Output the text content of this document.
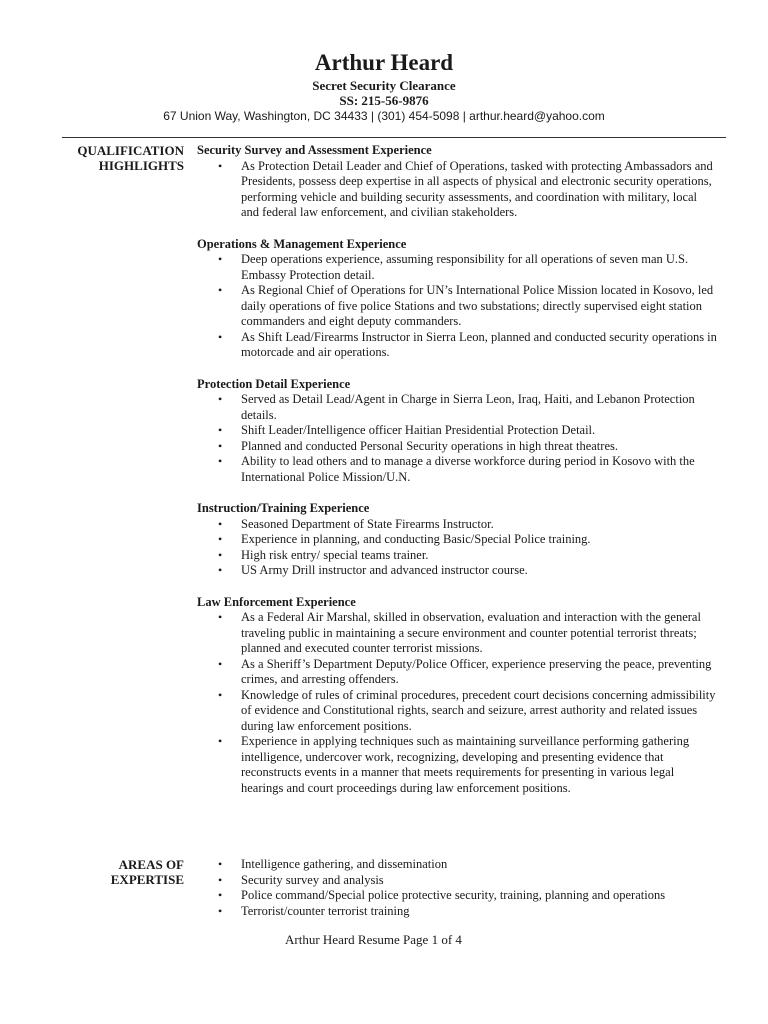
Arthur Heard
Secret Security Clearance
SS: 215-56-9876
67 Union Way, Washington, DC 34433 | (301) 454-5098 | arthur.heard@yahoo.com
QUALIFICATION
HIGHLIGHTS
Security Survey and Assessment Experience
• As Protection Detail Leader and Chief of Operations, tasked with protecting Ambassadors and Presidents, possess deep expertise in all aspects of physical and electronic security operations, performing vehicle and building security assessments, and coordination with military, local and federal law enforcement, and civilian stakeholders.
Operations & Management Experience
• Deep operations experience, assuming responsibility for all operations of seven man U.S. Embassy Protection detail.
• As Regional Chief of Operations for UN’s International Police Mission located in Kosovo, led daily operations of five police Stations and two substations; directly supervised eight station commanders and eight deputy commanders.
• As Shift Lead/Firearms Instructor in Sierra Leon, planned and conducted security operations in motorcade and air operations.
Protection Detail Experience
• Served as Detail Lead/Agent in Charge in Sierra Leon, Iraq, Haiti, and Lebanon Protection details.
• Shift Leader/Intelligence officer Haitian Presidential Protection Detail.
• Planned and conducted Personal Security operations in high threat theatres.
• Ability to lead others and to manage a diverse workforce during period in Kosovo with the International Police Mission/U.N.
Instruction/Training Experience
• Seasoned Department of State Firearms Instructor.
• Experience in planning, and conducting Basic/Special Police training.
• High risk entry/ special teams trainer.
• US Army Drill instructor and advanced instructor course.
Law Enforcement Experience
• As a Federal Air Marshal, skilled in observation, evaluation and interaction with the general traveling public in maintaining a secure environment and counter potential terrorist threats; planned and executed counter terrorist missions.
• As a Sheriff’s Department Deputy/Police Officer, experience preserving the peace, preventing crimes, and arresting offenders.
• Knowledge of rules of criminal procedures, precedent court decisions concerning admissibility of evidence and Constitutional rights, search and seizure, arrest authority and related issues during law enforcement positions.
• Experience in applying techniques such as maintaining surveillance performing gathering intelligence, undercover work, recognizing, developing and presenting evidence that reconstructs events in a manner that meets requirements for presenting in various legal hearings and court proceedings during law enforcement positions.
AREAS OF
EXPERTISE
• Intelligence gathering, and dissemination
• Security survey and analysis
• Police command/Special police protective security, training, planning and operations
• Terrorist/counter terrorist training
Arthur Heard Resume Page 1 of 4
